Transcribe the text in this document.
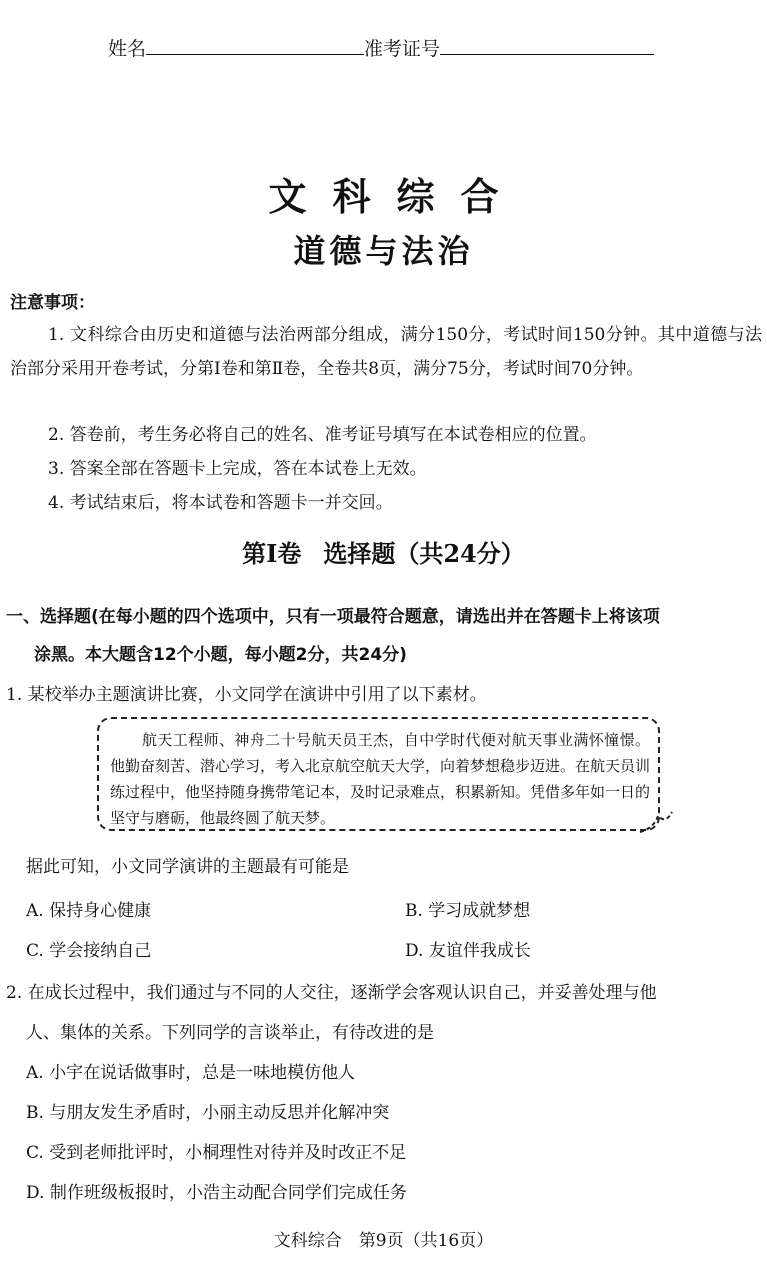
姓名	准考证号
文科综合
道德与法治
注意事项：
1. 文科综合由历史和道德与法治两部分组成，满分150分，考试时间150分钟。其中道德与法治部分采用开卷考试，分第Ⅰ卷和第Ⅱ卷，全卷共8页，满分75分，考试时间70分钟。
2. 答卷前，考生务必将自己的姓名、准考证号填写在本试卷相应的位置。
3. 答案全部在答题卡上完成，答在本试卷上无效。
4. 考试结束后，将本试卷和答题卡一并交回。
第Ⅰ卷 选择题（共24分）
一、选择题(在每小题的四个选项中，只有一项最符合题意，请选出并在答题卡上将该项
涂黑。本大题含12个小题，每小题2分，共24分)
1. 某校举办主题演讲比赛，小文同学在演讲中引用了以下素材。
航天工程师、神舟二十号航天员王杰，自中学时代便对航天事业满怀憧憬。他勤奋刻苦、潜心学习，考入北京航空航天大学，向着梦想稳步迈进。在航天员训练过程中，他坚持随身携带笔记本，及时记录难点，积累新知。凭借多年如一日的坚守与磨砺，他最终圆了航天梦。
据此可知，小文同学演讲的主题最有可能是
A. 保持身心健康	B. 学习成就梦想
C. 学会接纳自己	D. 友谊伴我成长
2. 在成长过程中，我们通过与不同的人交往，逐渐学会客观认识自己，并妥善处理与他
人、集体的关系。下列同学的言谈举止，有待改进的是
A. 小宇在说话做事时，总是一味地模仿他人
B. 与朋友发生矛盾时，小丽主动反思并化解冲突
C. 受到老师批评时，小桐理性对待并及时改正不足
D. 制作班级板报时，小浩主动配合同学们完成任务
文科综合　第9页（共16页）
